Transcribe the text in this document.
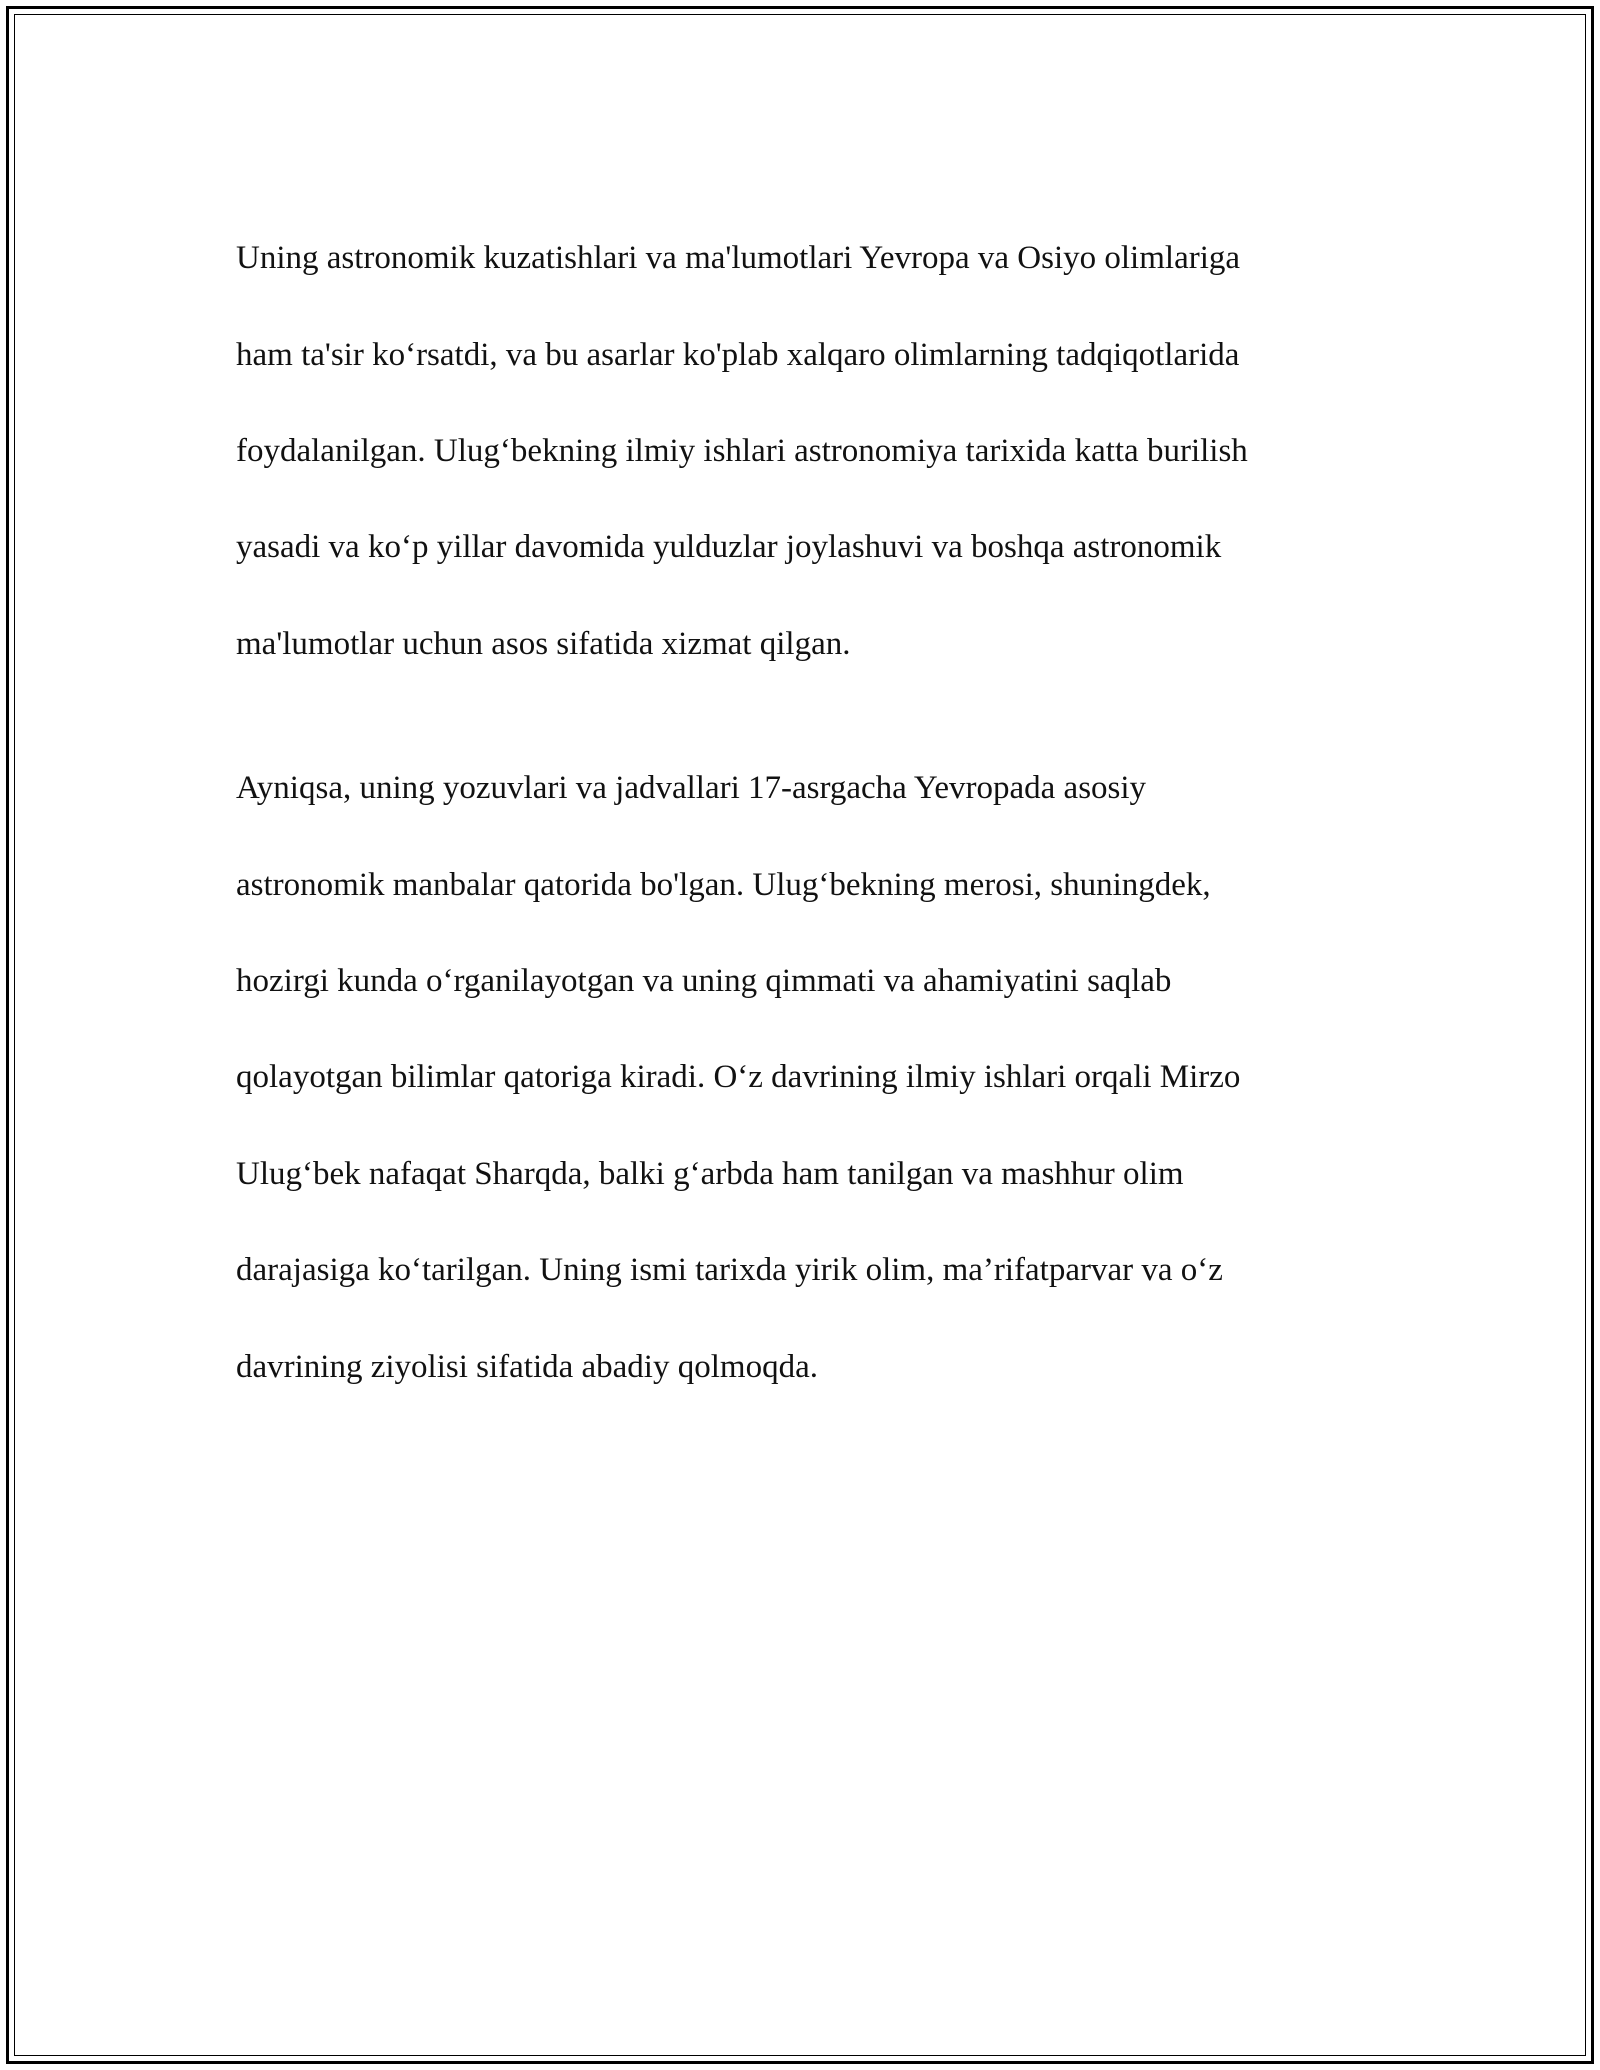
Uning astronomik kuzatishlari va ma'lumotlari Yevropa va Osiyo olimlariga

ham ta'sir ko‘rsatdi, va bu asarlar ko'plab xalqaro olimlarning tadqiqotlarida

foydalanilgan. Ulug‘bekning ilmiy ishlari astronomiya tarixida katta burilish

yasadi va ko‘p yillar davomida yulduzlar joylashuvi va boshqa astronomik

ma'lumotlar uchun asos sifatida xizmat qilgan.

Ayniqsa, uning yozuvlari va jadvallari 17-asrgacha Yevropada asosiy

astronomik manbalar qatorida bo'lgan. Ulug‘bekning merosi, shuningdek,

hozirgi kunda o‘rganilayotgan va uning qimmati va ahamiyatini saqlab

qolayotgan bilimlar qatoriga kiradi. O‘z davrining ilmiy ishlari orqali Mirzo

Ulug‘bek nafaqat Sharqda, balki g‘arbda ham tanilgan va mashhur olim

darajasiga ko‘tarilgan. Uning ismi tarixda yirik olim, ma’rifatparvar va o‘z

davrining ziyolisi sifatida abadiy qolmoqda.
